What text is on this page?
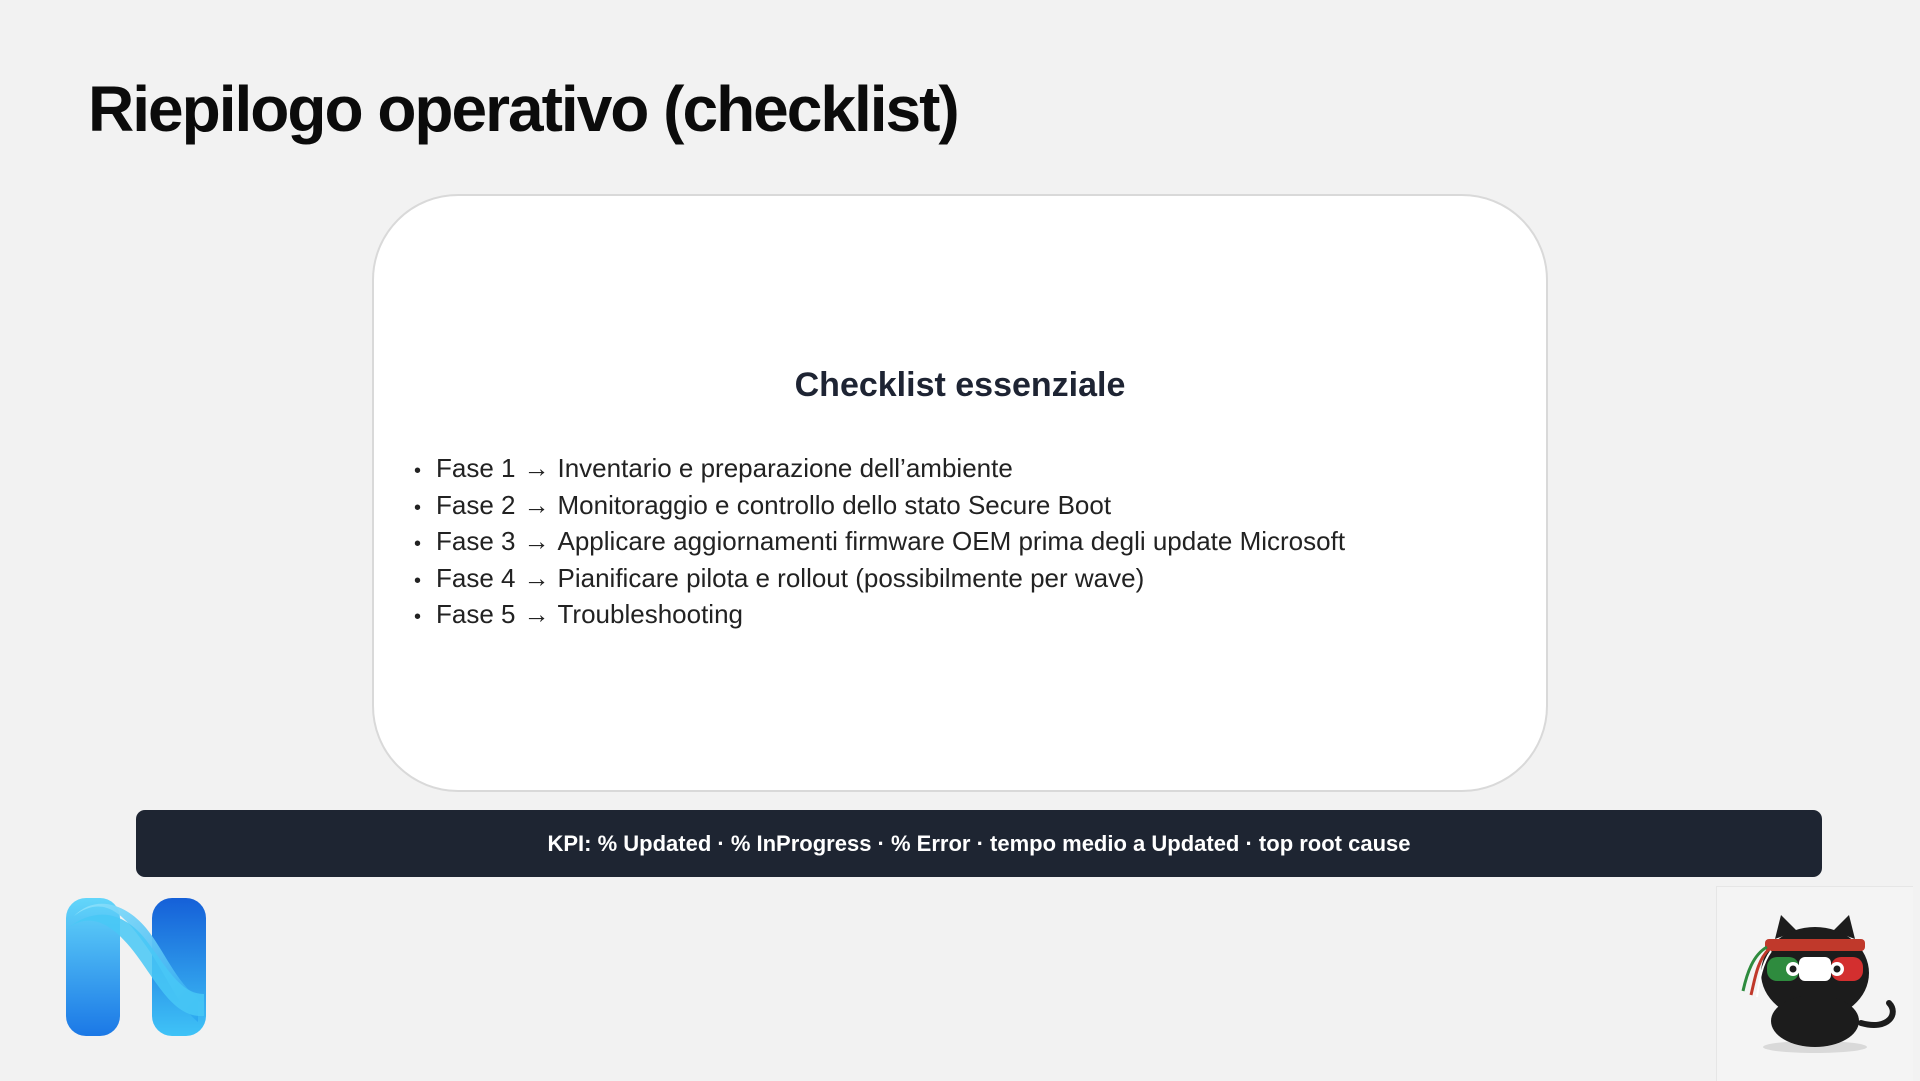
Riepilogo operativo (checklist)
Checklist essenziale
• Fase 1 → Inventario e preparazione dell’ambiente
• Fase 2 → Monitoraggio e controllo dello stato Secure Boot
• Fase 3 → Applicare aggiornamenti firmware OEM prima degli update Microsoft
• Fase 4 → Pianificare pilota e rollout (possibilmente per wave)
• Fase 5 → Troubleshooting
KPI: % Updated · % InProgress · % Error · tempo medio a Updated · top root cause
